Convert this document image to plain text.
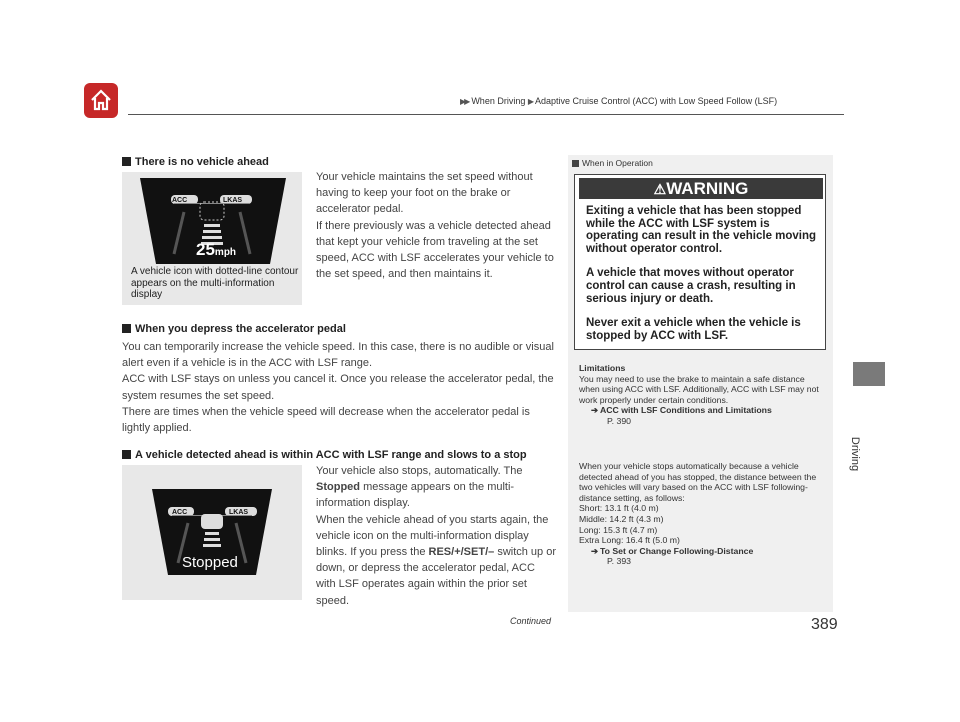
▶▶ When Driving ▶ Adaptive Cruise Control (ACC) with Low Speed Follow (LSF)
Driving
There is no vehicle ahead
ACC	LKAS
25mph
A vehicle icon with dotted-line contour appears on the multi-information display
Your vehicle maintains the set speed without having to keep your foot on the brake or accelerator pedal.
If there previously was a vehicle detected ahead that kept your vehicle from traveling at the set speed, ACC with LSF accelerates your vehicle to the set speed, and then maintains it.
When you depress the accelerator pedal
You can temporarily increase the vehicle speed. In this case, there is no audible or visual alert even if a vehicle is in the ACC with LSF range.
ACC with LSF stays on unless you cancel it. Once you release the accelerator pedal, the system resumes the set speed.
There are times when the vehicle speed will decrease when the accelerator pedal is lightly applied.
A vehicle detected ahead is within ACC with LSF range and slows to a stop
ACC	LKAS
Stopped
Your vehicle also stops, automatically. The Stopped message appears on the multi-information display.
When the vehicle ahead of you starts again, the vehicle icon on the multi-information display blinks. If you press the RES/+/SET/– switch up or down, or depress the accelerator pedal, ACC with LSF operates again within the prior set speed.
When in Operation
⚠WARNING

Exiting a vehicle that has been stopped while the ACC with LSF system is operating can result in the vehicle moving without operator control.

A vehicle that moves without operator control can cause a crash, resulting in serious injury or death.

Never exit a vehicle when the vehicle is stopped by ACC with LSF.

Limitations
You may need to use the brake to maintain a safe distance when using ACC with LSF. Additionally, ACC with LSF may not work properly under certain conditions.
➔ ACC with LSF Conditions and Limitations
P. 390
When your vehicle stops automatically because a vehicle detected ahead of you has stopped, the distance between the two vehicles will vary based on the ACC with LSF following-distance setting, as follows:
Short: 13.1 ft (4.0 m)
Middle: 14.2 ft (4.3 m)
Long: 15.3 ft (4.7 m)
Extra Long: 16.4 ft (5.0 m)
➔ To Set or Change Following-Distance
P. 393
Continued	389
